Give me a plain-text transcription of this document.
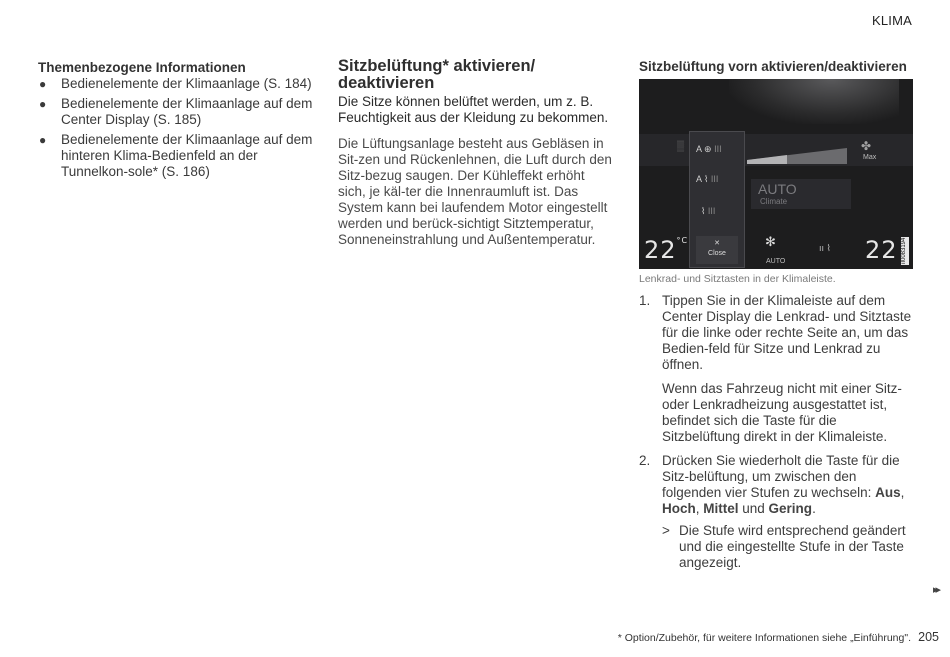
KLIMA
Themenbezogene Informationen
● Bedienelemente der Klimaanlage (S. 184)
● Bedienelemente der Klimaanlage auf dem Center Display (S. 185)
● Bedienelemente der Klimaanlage auf dem hinteren Klima-Bedienfeld an der Tunnelkon-sole* (S. 186)
Sitzbelüftung* aktivieren/ deaktivieren

Die Sitze können belüftet werden, um z. B. Feuchtigkeit aus der Kleidung zu bekommen.

Die Lüftungsanlage besteht aus Gebläsen in Sit-zen und Rückenlehnen, die Luft durch den Sitz-bezug saugen. Der Kühleffekt erhöht sich, je käl-ter die Innenraumluft ist. Das System kann bei laufendem Motor eingestellt werden und berück-sichtigt Sitztemperatur, Sonneneinstrahlung und Außentemperatur.

Sitzbelüftung vorn aktivieren/deaktivieren
▒ A ⊕ III
A ⌇ III
⌇ III
✕
Close
✤
Max
AUTO
Climate
$22^{^\circ C}$	✻
AUTO
ıı ⌇ 22 iI0083194

Lenkrad- und Sitztasten in der Klimaleiste.

1. Tippen Sie in der Klimaleiste auf dem Center Display die Lenkrad- und Sitztaste für die linke oder rechte Seite an, um das Bedien-feld für Sitze und Lenkrad zu öffnen.

Wenn das Fahrzeug nicht mit einer Sitz- oder Lenkradheizung ausgestattet ist, befindet sich die Taste für die Sitzbelüftung direkt in der Klimaleiste.

2. Drücken Sie wiederholt die Taste für die Sitz-belüftung, um zwischen den folgenden vier Stufen zu wechseln: Aus, Hoch, Mittel und Gering.

> Die Stufe wird entsprechend geändert und die eingestellte Stufe in der Taste angezeigt.
▸▸
* Option/Zubehör, für weitere Informationen siehe „Einführung". 205
